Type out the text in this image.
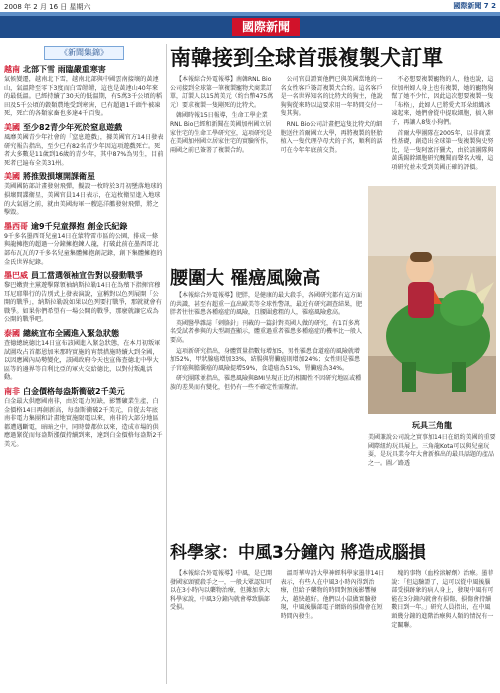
2008 年 2 月 16 日 星期六	國際新聞 7 2
國際新聞
《新聞集錦》
越南 北部下雪 雨臨嚴重寒害
氣候變遷，越南北下雪，越南北部與中國雲南接壤的黃連山，氣溫降至零下3度而白雪皚皚，這也是黃連山40年來的最低溫。已經持續了30天的低溫期，有5萬3千公頃的稻田及5千公頃的穀類農地受到寒害，已有超過1千頭牛被凍死，死亡的各類家畜也多達4千百隻。
美國 至少82青少年死於窒息遊戲
風靡美國青少年社會的「窒息遊戲」，據美國官方14日發表研究報告指出，至少已有82名青少年因這項遊戲死亡。死者大多數是11歲到16歲的青少年，其中87%為男生，目前死者已遍布全美31州。
美國 將推毀損壞開課衛星
美國國防部計畫發射飛彈，擬設一枚時於3月初墜落地球的損壞間諜衛星，美國官員14日表示，在這枚衛星進入地球的大氣層之前，就由美國海軍一艘巡洋艦發射飛彈，將之擊毀。
墨西哥 逾9千兒童擇抱 創金氏紀錄
9千多名墨西哥兒童14日在蒙特雷市區的公園，排成一條與龍擁抱的超過一分鐘擁抱鍊人龍，打破此前在墨西哥北部布瓦瓦的7千多名兒童集體擁抱創記錄，創下集體擁抱的金氏世界紀錄。
墨巴威 員工當選領袖宣告對以發動戰爭
黎巴嫩貴主黨遊擊隊領袖納斯拉勒14日在為殯下指揮官穆耳尼耶舉行的告別式上發表演說，宣稱對以色列展開「公開的戰爭」，納斯拉勒說如果以色列要打戰爭，那就就會有戰爭。如果你們希望有一場公開的戰爭，那麼就讓它成為公開的戰爭吧。
泰國 總統宣布全國進入緊急狀態
查德總統德比14日宣布該國進入緊急狀態，在本月初叛軍試圖攻占首都恩加米那時實施的宵禁措施時續大到全國，以因應國內局勢變化，該國政府今天也宣佈查德北中學大區等的邊界等自利比亞的軍火交給德比，以對付叛亂活動。
南非 白金價格每盎斯衝破2千美元
白金最大供應國南非，由於電力短缺，影響礦業生產，白金價格14日再創新高，每盎斯衝破2千美元，自從去年底南非電力集團和計畫地實施限電以來，南非的大部分地區都遭遇斷電，暗暗之中，同時曾都位以來，造成市場的供應過緊從而每盎斯漲價持續到來，達到白金價格每盎斯2千美元。
南韓接到全球首張複製犬訂單

【本報綜合外電報導】南韓RNL Bio公司接到全球第一筆複製寵物犬商業訂單，訂製人以15萬美元（約台幣475萬元）要求複製一隻剛死的比特犬。

韓國時報15日報導，生命工學企業RNL Bio已經和新聞在美國加州國立居家住宅的生命工學研究室，這項研究是在美國加州國立居家住宅的實驗所作，兩國之前已簽署了複製合約。

公司官員證實他們已與美國當地的一名女性客戶簽訂複製犬合約。這名客戶是一名世界知名的比特犬的狗主，他說狗狗從來時以這要求用一年時間交付一隻其狗。

RNL Bio公司計畫把這隻比特犬的細胞送往首爾國立大學，再將複製的胚胎植入一隻代理孕母犬的子宮，順利的話可在今年年底前交貨。

不必想要複製寵物的人，他也說，這位加州婦人身上也有複製，她的寵物狗幫了她不少忙，因此這次想要複製一隻「布格」，此婦人已將愛犬耳朵組織冰凍起來，她們會從中提取細胞，搞入卵子，再讓人8隻小狗們。

首爾大學團隊在2005年，以非商業性基礎，創造出全球第一隻複製狗史努比，是一隻阿富汗獵犬，由於該團隊與黃禹錫幹細胞研究醜聞而聲名大噪，這項研究並未受到美國正確的評價。

腰圍大 罹癌風險高

【本報綜合外電報導】肥胖，是健康的最大殺手，各國研究都有這方面的共識，甚至有超重一直出歐美等全球性警訊，最近有研究調查結果，肥胖者往往罹患各種癌症的風險，且腰圍愈粗的人，罹癌風險愈高。

英國醫學雜誌「刺胳針」刊載的一篇針對英國人做的研究，有1百多萬名受試者參與的大型調查顯示，體重過重者罹患多種癌症的機率比一般人要高。

這項新研究指出，身體質量指數每增加5，男性罹患食道癌的風險就增加52%，甲狀腺癌增加33%，結腸與腎臟癌則增加24%；女性則是罹患子宮癌與膽囊癌的風險提增59%，食道癌為51%，腎臟癌為34%。

研究團隊並指出，罹患風險與BMI呈現正比的相關性不因研究地區或種族的差異而有變化，但仍有一些不確定性需釐清。

玩具三角龍
美國兼說公司說之實事加14日在紐約美國的重要國際紐約玩具展上，三角龍Kota可以與兒童玩耍，是玩具業今年大會新推出的最具話題的產品之一。圖／路透
科學家：中風3分鐘內 將造成腦損

【本報綜合外電報導】中風，是已開發國家頭號殺手之一，一般大眾認知可以在3小時內以藥物治療，但據加拿大科學家說，中風3分鐘內就會導致腦部受損。

溫哥華卑詩大學神經科學家墨菲14日表示，有些人在中風3小時內得到治療，但給予藥物的時間對預後影響極大，越快越好。他們以小鼠做實驗發現，中風後腦部電子網絡的損傷會在短時間內發生。

塊的事物（血栓溶解劑）治療。墨菲說：「但這驗證了，這可以從中風後腦部受損跡象的病人身上，發現中風有可能在3分鐘內就會有損傷，損傷會持續數日到一年。」研究人員指出，在中風頭幾分鐘的進階治療與人類的情況有一定關聯。
